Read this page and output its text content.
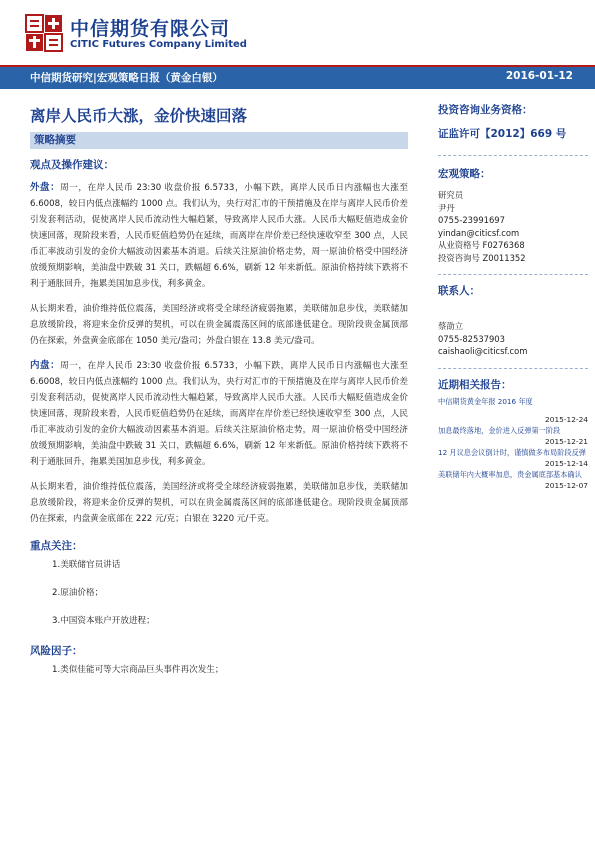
中信期货有限公司
CITIC Futures Company Limited
中信期货研究|宏观策略日报（黄金白银）	2016-01-12
离岸人民币大涨，金价快速回落
策略摘要
观点及操作建议：

外盘：周一，在岸人民币 23:30 收盘价报 6.5733，小幅下跌，离岸人民币日内涨幅也大涨至 6.6008，较日内低点涨幅约 1000 点。我们认为，央行对汇市的干预措施及在岸与离岸人民币价差引发套利活动，促使离岸人民币流动性大幅趋紧，导致离岸人民币大涨。人民币大幅贬值造成金价快速回落，现阶段来看，人民币贬值趋势仍在延续，而离岸在岸价差已经快速收窄至 300 点，人民币汇率波动引发的金价大幅波动因素基本消退。后续关注原油价格走势，周一原油价格受中国经济放缓预期影响，美油盘中跌破 31 关口，跌幅超 6.6%，刷新 12 年来新低。原油价格持续下跌将不利于通胀回升，拖累美国加息步伐，利多黄金。

从长期来看，油价维持低位震荡，美国经济或将受全球经济疲弱拖累，美联储加息步伐，美联储加息放缓阶段，将迎来金价反弹的契机，可以在贵金属震荡区间的底部逢低建仓。现阶段贵金属顶部仍在探索，外盘黄金底部在 1050 美元/盎司；外盘白银在 13.8 美元/盎司。

内盘：周一，在岸人民币 23:30 收盘价报 6.5733，小幅下跌，离岸人民币日内涨幅也大涨至 6.6008，较日内低点涨幅约 1000 点。我们认为，央行对汇市的干预措施及在岸与离岸人民币价差引发套利活动，促使离岸人民币流动性大幅趋紧，导致离岸人民币大涨。人民币大幅贬值造成金价快速回落，现阶段来看，人民币贬值趋势仍在延续，而离岸在岸价差已经快速收窄至 300 点，人民币汇率波动引发的金价大幅波动因素基本消退。后续关注原油价格走势，周一原油价格受中国经济放缓预期影响，美油盘中跌破 31 关口，跌幅超 6.6%，刷新 12 年来新低。原油价格持续下跌将不利于通胀回升，拖累美国加息步伐，利多黄金。

从长期来看，油价维持低位震荡，美国经济或将受全球经济疲弱拖累，美联储加息步伐，美联储加息放缓阶段，将迎来金价反弹的契机，可以在贵金属震荡区间的底部逢低建仓。现阶段贵金属顶部仍在探索，内盘黄金底部在 222 元/克；白银在 3220 元/千克。

重点关注：
1.美联储官员讲话
2.原油价格；
3.中国资本账户开放进程；
风险因子：
1.类似佳能可等大宗商品巨头事件再次发生；
投资咨询业务资格：
证监许可【2012】669 号
宏观策略：
研究员
尹丹
0755-23991697
yindan@citicsf.com
从业资格号 F0276368
投资咨询号 Z0011352
联系人：
蔡劭立
0755-82537903
caishaoli@citicsf.com
近期相关报告：
中信期货黄金年报 2016 年度
2015-12-24
加息最终落地，金价进入反弹第一阶段
2015-12-21
12 月议息会议倒计时，谨慎做多布局阶段反弹
2015-12-14
美联储年内大概率加息，贵金属底部基本确认
2015-12-07
